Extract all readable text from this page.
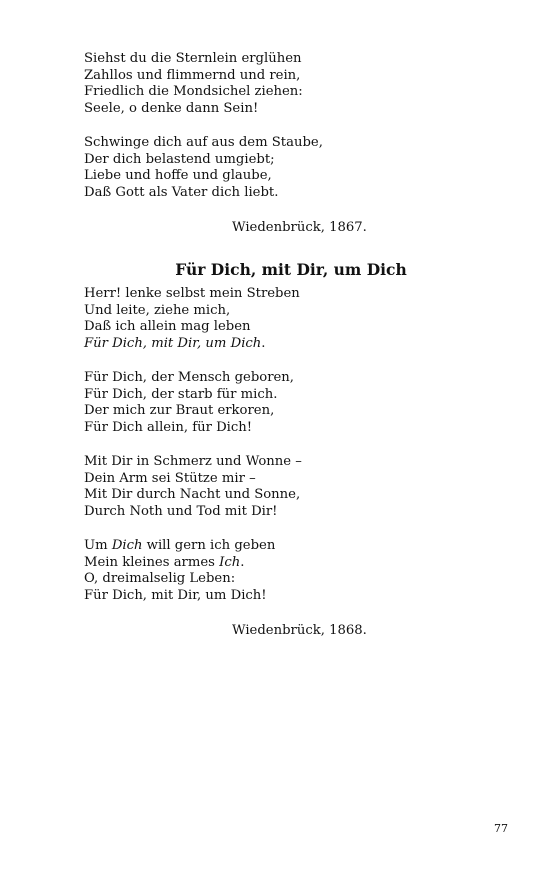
Siehst du die Sternlein erglühen
Zahllos und flimmernd und rein,
Friedlich die Mondsichel ziehen:
Seele, o denke dann Sein!
Schwinge dich auf aus dem Staube,
Der dich belastend umgiebt;
Liebe und hoffe und glaube,
Daß Gott als Vater dich liebt.
Wiedenbrück, 1867.
Für Dich, mit Dir, um Dich
Herr! lenke selbst mein Streben
Und leite, ziehe mich,
Daß ich allein mag leben
Für Dich, mit Dir, um Dich.
Für Dich, der Mensch geboren,
Für Dich, der starb für mich.
Der mich zur Braut erkoren,
Für Dich allein, für Dich!
Mit Dir in Schmerz und Wonne –
Dein Arm sei Stütze mir –
Mit Dir durch Nacht und Sonne,
Durch Noth und Tod mit Dir!
Um Dich will gern ich geben
Mein kleines armes Ich.
O, dreimalselig Leben:
Für Dich, mit Dir, um Dich!
Wiedenbrück, 1868.
77
